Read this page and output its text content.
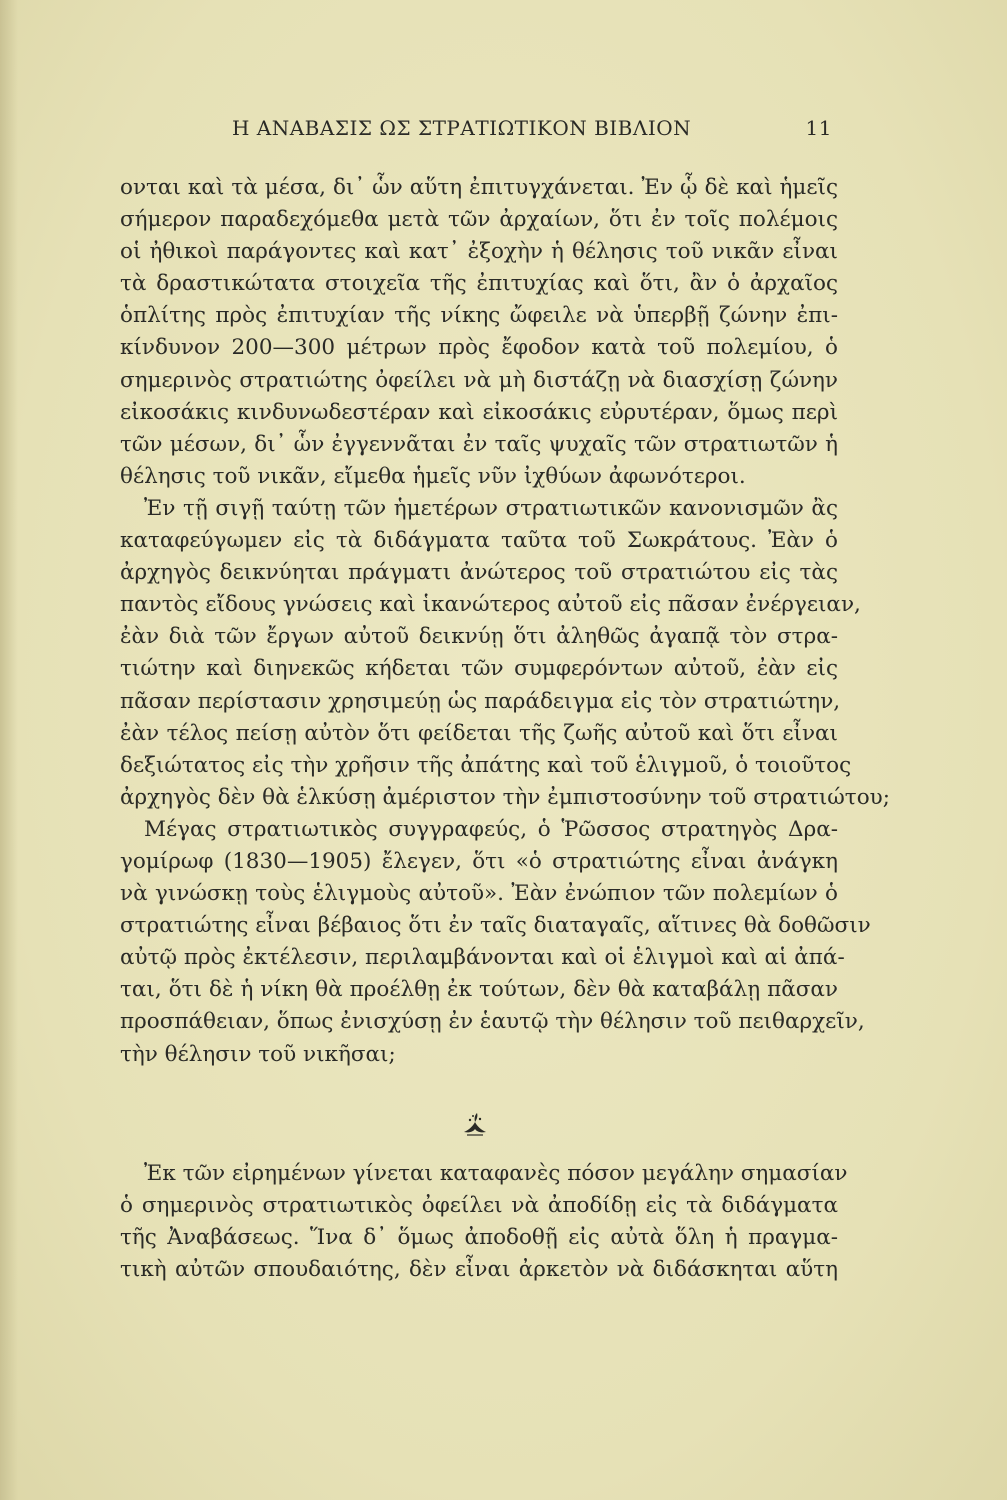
Η ΑΝΑΒΑΣΙΣ ΩΣ ΣΤΡΑΤΙΩΤΙΚΟΝ ΒΙΒΛΙΟΝ	11
ονται καὶ τὰ μέσα, δι᾿ ὧν αὕτη ἐπιτυγχάνεται. Ἐν ᾧ δὲ καὶ ἡμεῖς
σήμερον παραδεχόμεθα μετὰ τῶν ἀρχαίων, ὅτι ἐν τοῖς πολέμοις
οἱ ἠθικοὶ παράγοντες καὶ κατ᾿ ἐξοχὴν ἡ θέλησις τοῦ νικᾶν εἶναι
τὰ δραστικώτατα στοιχεῖα τῆς ἐπιτυχίας καὶ ὅτι, ἂν ὁ ἀρχαῖος
ὁπλίτης πρὸς ἐπιτυχίαν τῆς νίκης ὤφειλε νὰ ὑπερβῇ ζώνην ἐπι-
κίνδυνον 200—300 μέτρων πρὸς ἔφοδον κατὰ τοῦ πολεμίου, ὁ
σημερινὸς στρατιώτης ὀφείλει νὰ μὴ διστάζῃ νὰ διασχίσῃ ζώνην
εἰκοσάκις κινδυνωδεστέραν καὶ εἰκοσάκις εὐρυτέραν, ὅμως περὶ
τῶν μέσων, δι᾿ ὧν ἐγγεννᾶται ἐν ταῖς ψυχαῖς τῶν στρατιωτῶν ἡ
θέλησις τοῦ νικᾶν, εἴμεθα ἡμεῖς νῦν ἰχθύων ἀφωνότεροι.
Ἐν τῇ σιγῇ ταύτῃ τῶν ἡμετέρων στρατιωτικῶν κανονισμῶν ἂς
καταφεύγωμεν εἰς τὰ διδάγματα ταῦτα τοῦ Σωκράτους. Ἐὰν ὁ
ἀρχηγὸς δεικνύηται πράγματι ἀνώτερος τοῦ στρατιώτου εἰς τὰς
παντὸς εἴδους γνώσεις καὶ ἱκανώτερος αὐτοῦ εἰς πᾶσαν ἐνέργειαν,
ἐὰν διὰ τῶν ἔργων αὐτοῦ δεικνύῃ ὅτι ἀληθῶς ἀγαπᾷ τὸν στρα-
τιώτην καὶ διηνεκῶς κήδεται τῶν συμφερόντων αὐτοῦ, ἐὰν εἰς
πᾶσαν περίστασιν χρησιμεύῃ ὡς παράδειγμα εἰς τὸν στρατιώτην,
ἐὰν τέλος πείσῃ αὐτὸν ὅτι φείδεται τῆς ζωῆς αὐτοῦ καὶ ὅτι εἶναι
δεξιώτατος εἰς τὴν χρῆσιν τῆς ἀπάτης καὶ τοῦ ἑλιγμοῦ, ὁ τοιοῦτος
ἀρχηγὸς δὲν θὰ ἑλκύσῃ ἀμέριστον τὴν ἐμπιστοσύνην τοῦ στρατιώτου;
Μέγας στρατιωτικὸς συγγραφεύς, ὁ Ῥῶσσος στρατηγὸς Δρα-
γομίρωφ (1830—1905) ἔλεγεν, ὅτι «ὁ στρατιώτης εἶναι ἀνάγκη
νὰ γινώσκῃ τοὺς ἑλιγμοὺς αὐτοῦ». Ἐὰν ἐνώπιον τῶν πολεμίων ὁ
στρατιώτης εἶναι βέβαιος ὅτι ἐν ταῖς διαταγαῖς, αἵτινες θὰ δοθῶσιν
αὐτῷ πρὸς ἐκτέλεσιν, περιλαμβάνονται καὶ οἱ ἑλιγμοὶ καὶ αἱ ἀπά-
ται, ὅτι δὲ ἡ νίκη θὰ προέλθῃ ἐκ τούτων, δὲν θὰ καταβάλῃ πᾶσαν
προσπάθειαν, ὅπως ἐνισχύσῃ ἐν ἑαυτῷ τὴν θέλησιν τοῦ πειθαρχεῖν,
τὴν θέλησιν τοῦ νικῆσαι;
Ἐκ τῶν εἰρημένων γίνεται καταφανὲς πόσον μεγάλην σημασίαν
ὁ σημερινὸς στρατιωτικὸς ὀφείλει νὰ ἀποδίδῃ εἰς τὰ διδάγματα
τῆς Ἀναβάσεως. Ἵνα δ᾿ ὅμως ἀποδοθῇ εἰς αὐτὰ ὅλη ἡ πραγμα-
τικὴ αὐτῶν σπουδαιότης, δὲν εἶναι ἀρκετὸν νὰ διδάσκηται αὕτη
